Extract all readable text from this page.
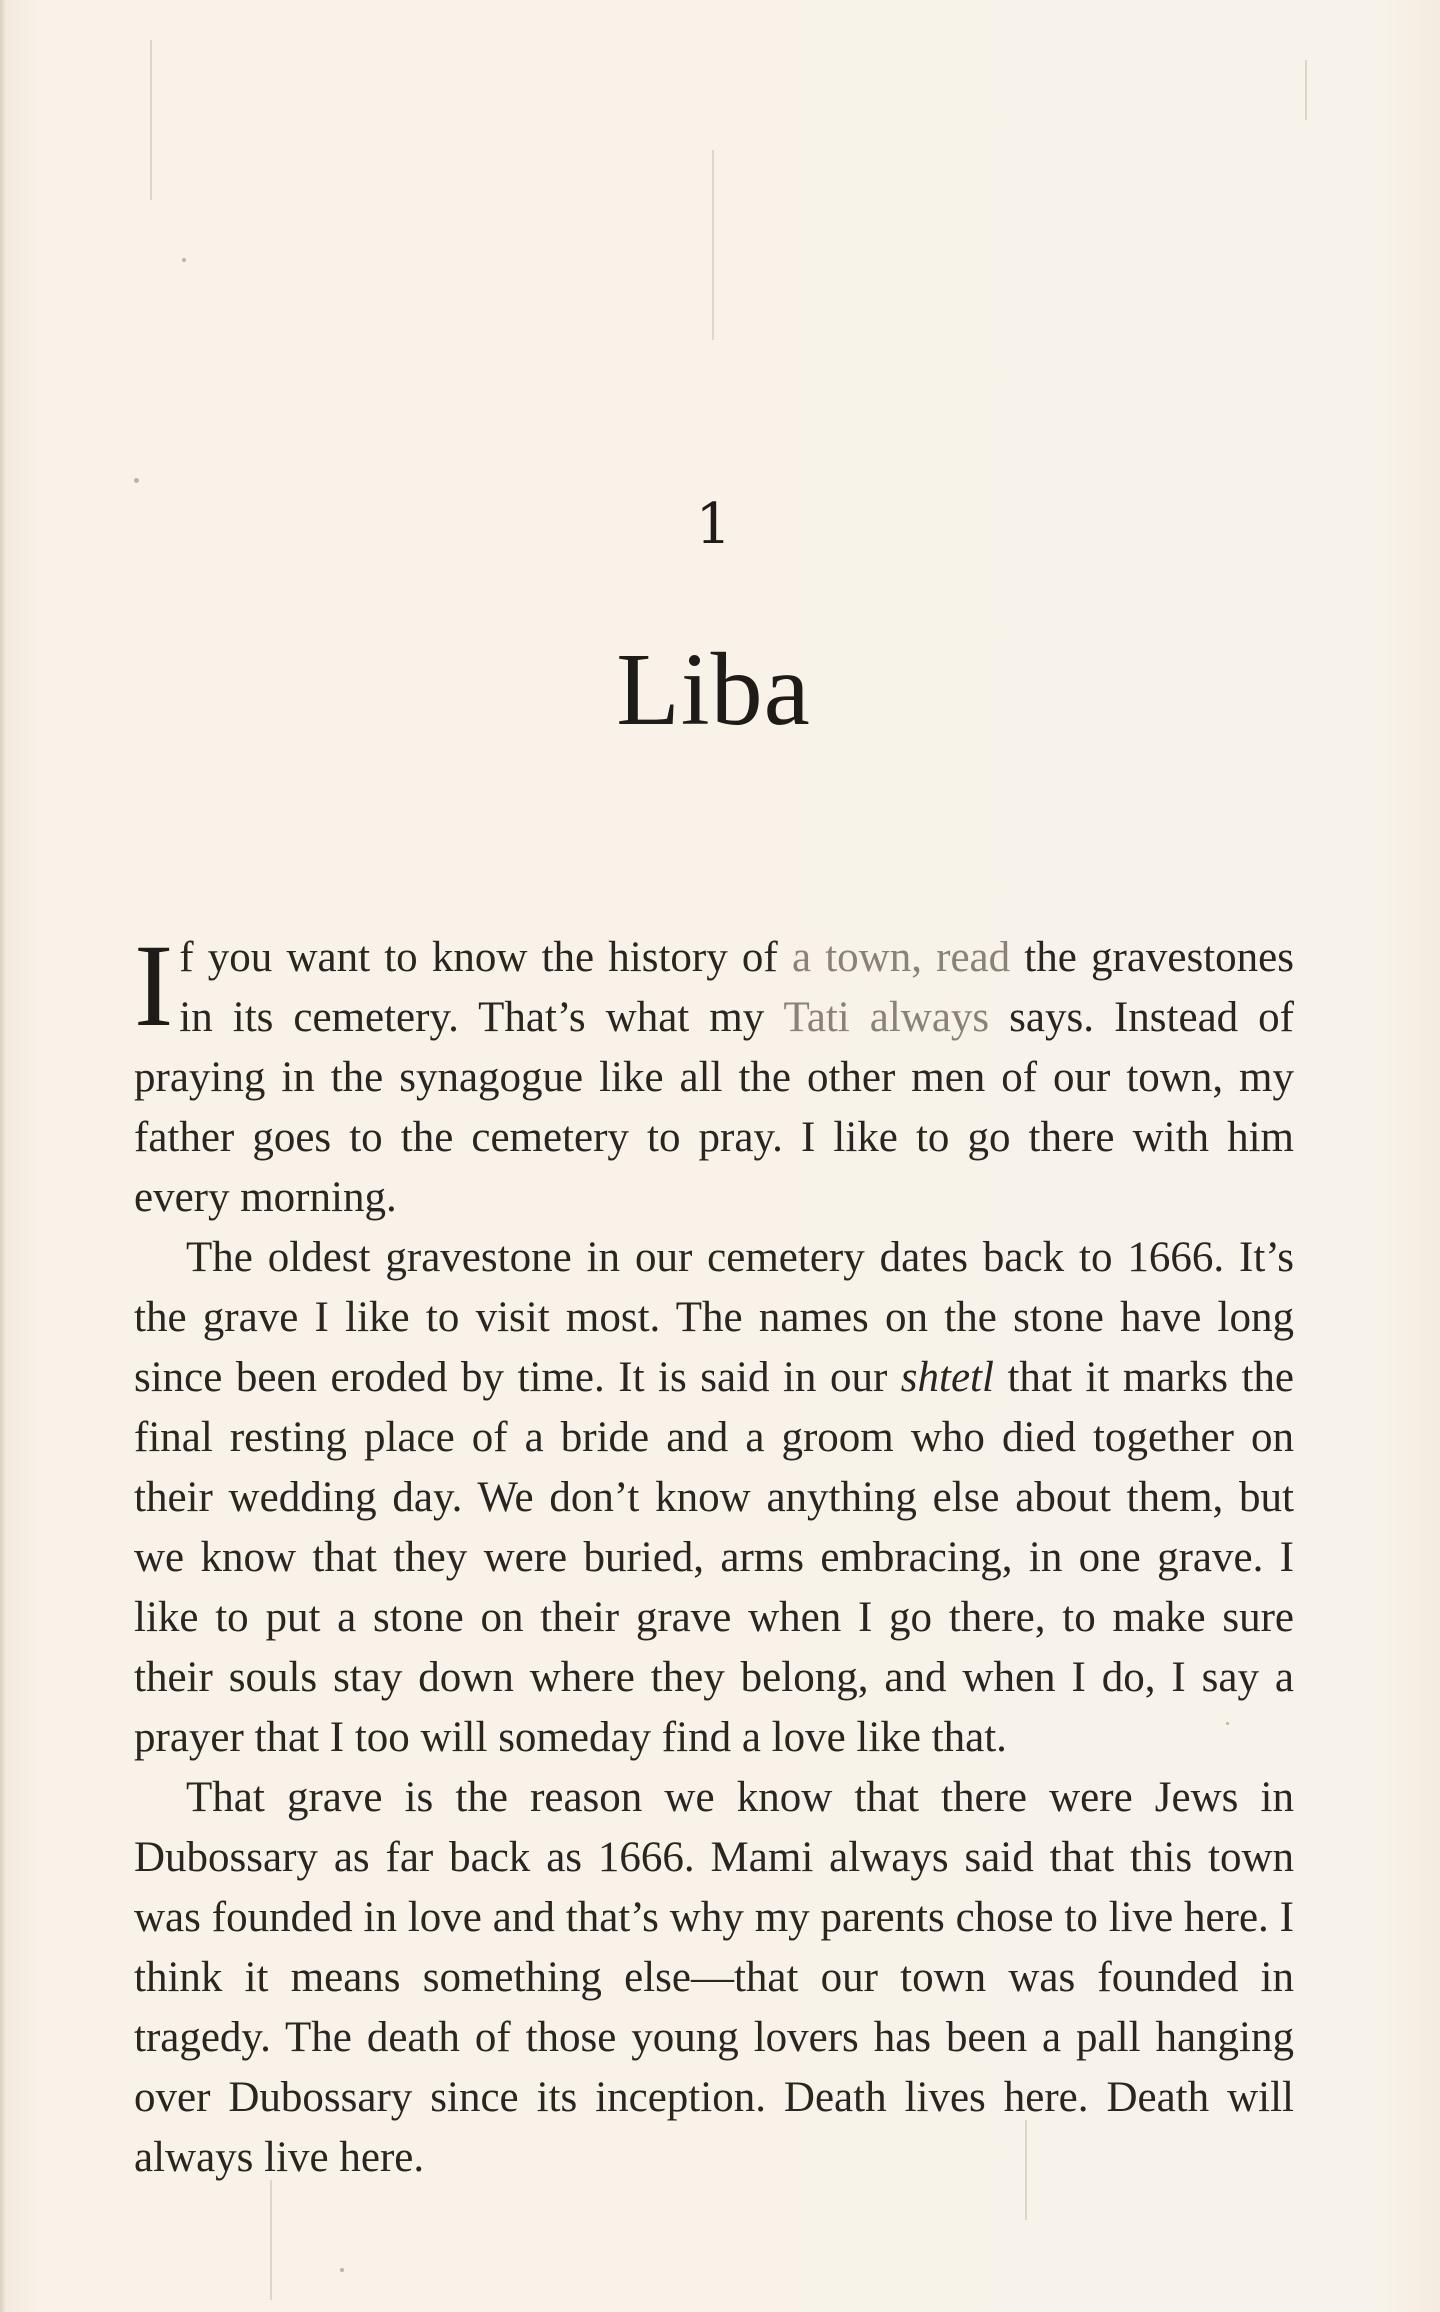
1
Liba

If you want to know the history of a town, read the gravestones in its cemetery. That’s what my Tati always says. Instead of praying in the synagogue like all the other men of our town, my father goes to the cemetery to pray. I like to go there with him every morning.

The oldest gravestone in our cemetery dates back to 1666. It’s the grave I like to visit most. The names on the stone have long since been eroded by time. It is said in our shtetl that it marks the final resting place of a bride and a groom who died together on their wedding day. We don’t know anything else about them, but we know that they were buried, arms embracing, in one grave. I like to put a stone on their grave when I go there, to make sure their souls stay down where they belong, and when I do, I say a prayer that I too will someday find a love like that.

That grave is the reason we know that there were Jews in Dubossary as far back as 1666. Mami always said that this town was founded in love and that’s why my parents chose to live here. I think it means something else—that our town was founded in tragedy. The death of those young lovers has been a pall hanging over Dubossary since its inception. Death lives here. Death will always live here.
